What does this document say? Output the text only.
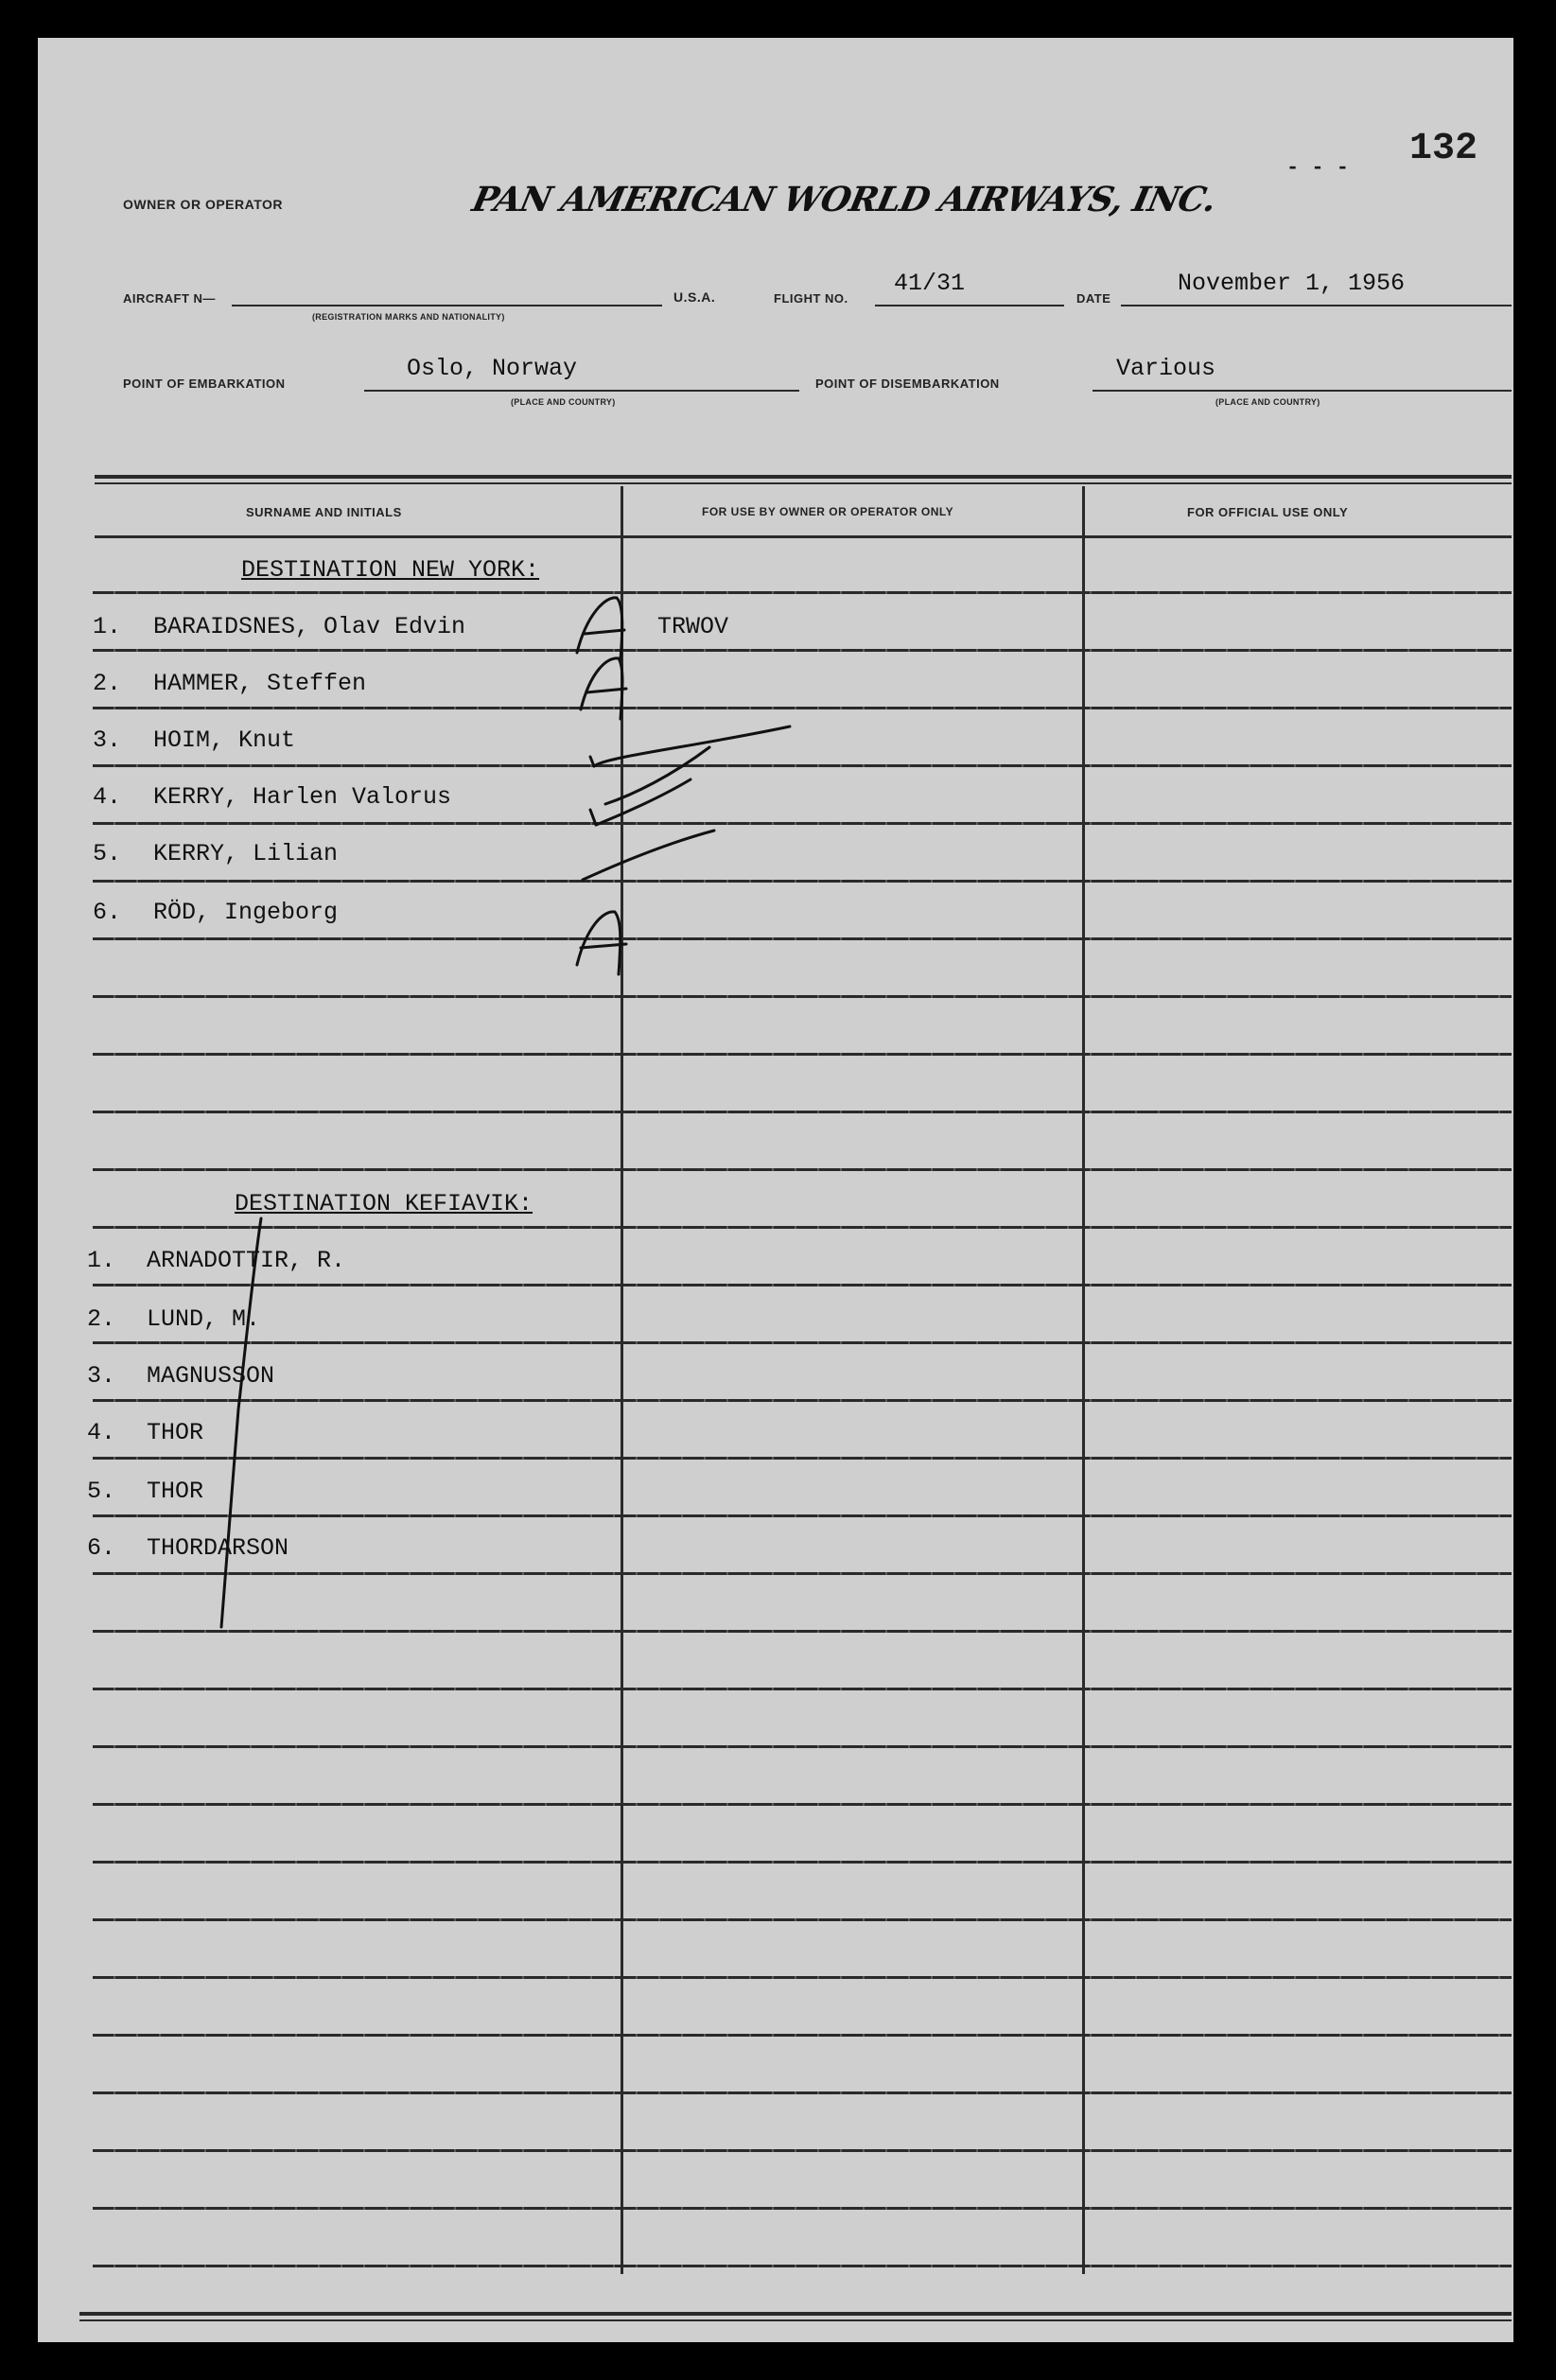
- - - 132
OWNER OR OPERATOR	PAN AMERICAN WORLD AIRWAYS, INC.
AIRCRAFT N—
(REGISTRATION MARKS AND NATIONALITY)
U.S.A.	FLIGHT NO.
41/31
DATE
November 1, 1956
POINT OF EMBARKATION
Oslo, Norway
(PLACE AND COUNTRY)
POINT OF DISEMBARKATION
Various
(PLACE AND COUNTRY)
SURNAME AND INITIALS	FOR USE BY OWNER OR OPERATOR ONLY	FOR OFFICIAL USE ONLY
DESTINATION NEW YORK:
1. BARAIDSNES, Olav Edvin	TRWOV
2. HAMMER, Steffen
3. HOIM, Knut
4. KERRY, Harlen Valorus
5. KERRY, Lilian
6. RÖD, Ingeborg
DESTINATION KEFIAVIK:
1. ARNADOTTIR, R.
2. LUND, M.
3. MAGNUSSON
4. THOR
5. THOR
6. THORDARSON
